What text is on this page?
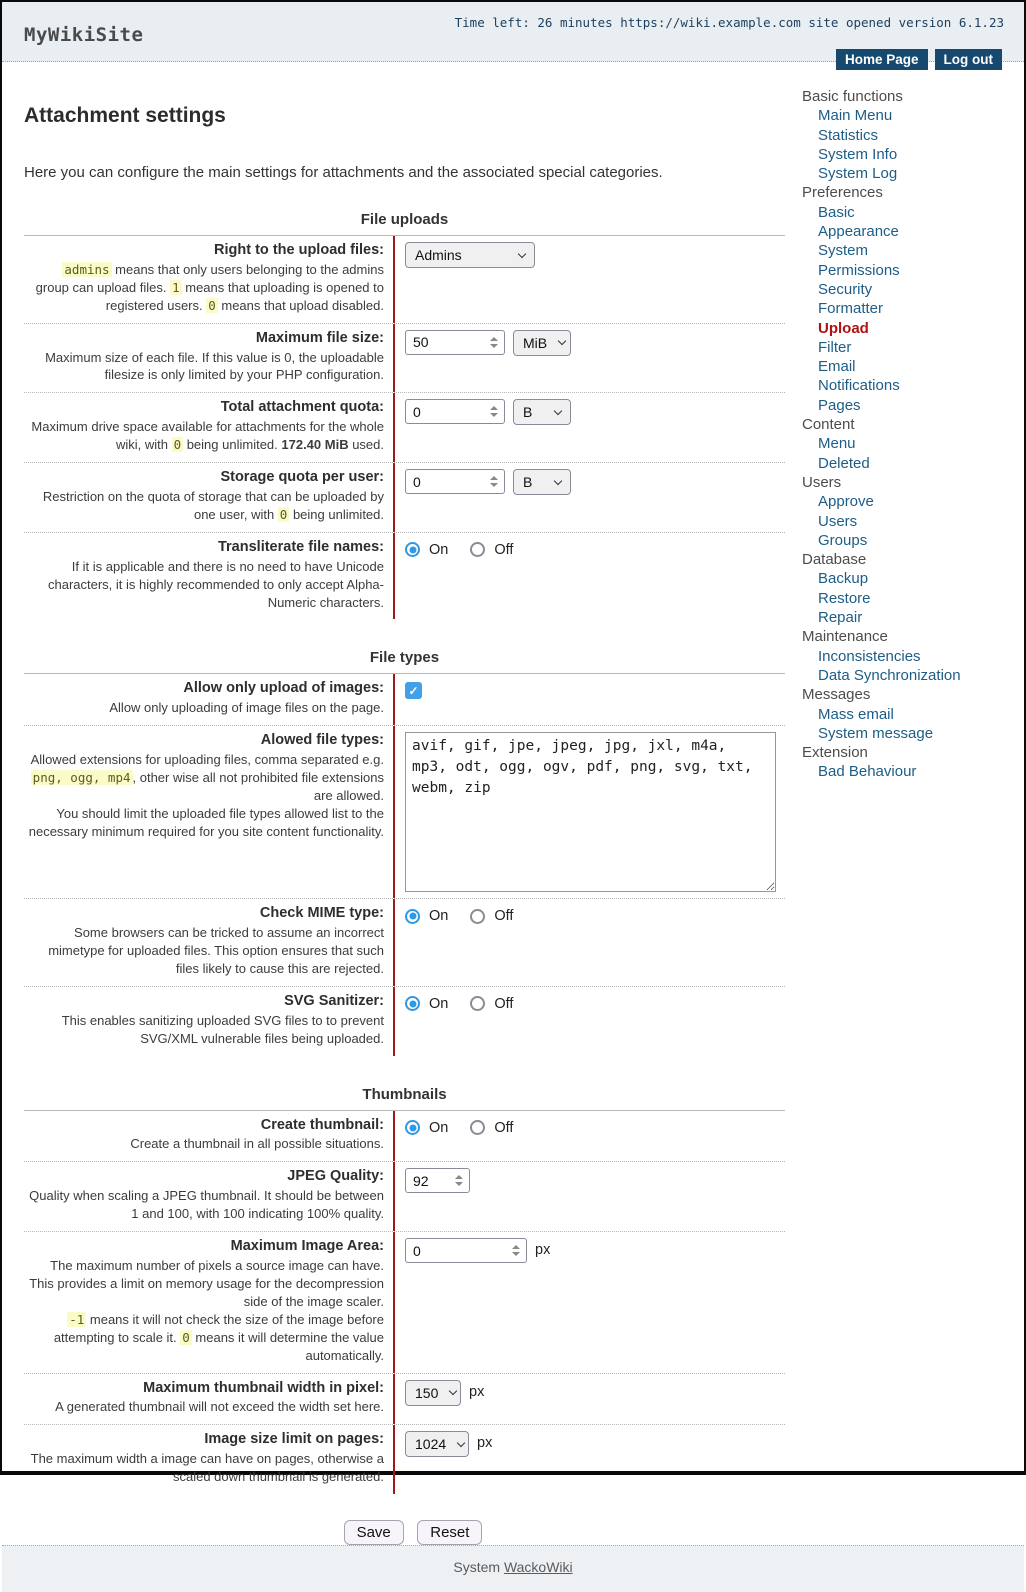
MyWikiSite
Time left: 26 minutes https://wiki.example.com site opened version 6.1.23
Home Page	Log out
Attachment settings

Here you can configure the main settings for attachments and the associated special categories.

File uploads
Right to the upload files:
admins means that only users belonging to the admins group can upload files. 1 means that uploading is opened to registered users. 0 means that upload disabled.
Admins
Maximum file size:
Maximum size of each file. If this value is 0, the uploadable filesize is only limited by your PHP configuration.
50	MiB
Total attachment quota:
Maximum drive space available for attachments for the whole wiki, with 0 being unlimited. 172.40 MiB used.
0	B
Storage quota per user:
Restriction on the quota of storage that can be uploaded by one user, with 0 being unlimited.
0	B
Transliterate file names:
If it is applicable and there is no need to have Unicode characters, it is highly recommended to only accept Alpha-Numeric characters.
On	Off
File types
Allow only upload of images:
Allow only uploading of image files on the page.
✓
Alowed file types:
Allowed extensions for uploading files, comma separated e.g. png, ogg, mp4 , other wise all not prohibited file extensions are allowed.
You should limit the uploaded file types allowed list to the necessary minimum required for you site content functionality.
avif, gif, jpe, jpeg, jpg, jxl, m4a, mp3, odt, ogg, ogv, pdf, png, svg, txt, webm, zip
Check MIME type:
Some browsers can be tricked to assume an incorrect mimetype for uploaded files. This option ensures that such files likely to cause this are rejected.
On	Off
SVG Sanitizer:
This enables sanitizing uploaded SVG files to to prevent SVG/XML vulnerable files being uploaded.
On	Off
Thumbnails
Create thumbnail:
Create a thumbnail in all possible situations.
On	Off
JPEG Quality:
Quality when scaling a JPEG thumbnail. It should be between 1 and 100, with 100 indicating 100% quality.
92
Maximum Image Area:
The maximum number of pixels a source image can have. This provides a limit on memory usage for the decompression side of the image scaler.
-1 means it will not check the size of the image before attempting to scale it. 0 means it will determine the value automatically.
0	px
Maximum thumbnail width in pixel:
A generated thumbnail will not exceed the width set here.
150 px
Image size limit on pages:
The maximum width a image can have on pages, otherwise a scaled down thumbnail is generated.
1024 px
Save	Reset
Basic functions
Main Menu
Statistics
System Info
System Log
Preferences
Basic
Appearance
System
Permissions
Security
Formatter
Upload
Filter
Email
Notifications
Pages
Content
Menu
Deleted
Users
Approve
Users
Groups
Database
Backup
Restore
Repair
Maintenance
Inconsistencies
Data Synchronization
Messages
Mass email
System message
Extension
Bad Behaviour
System WackoWiki
